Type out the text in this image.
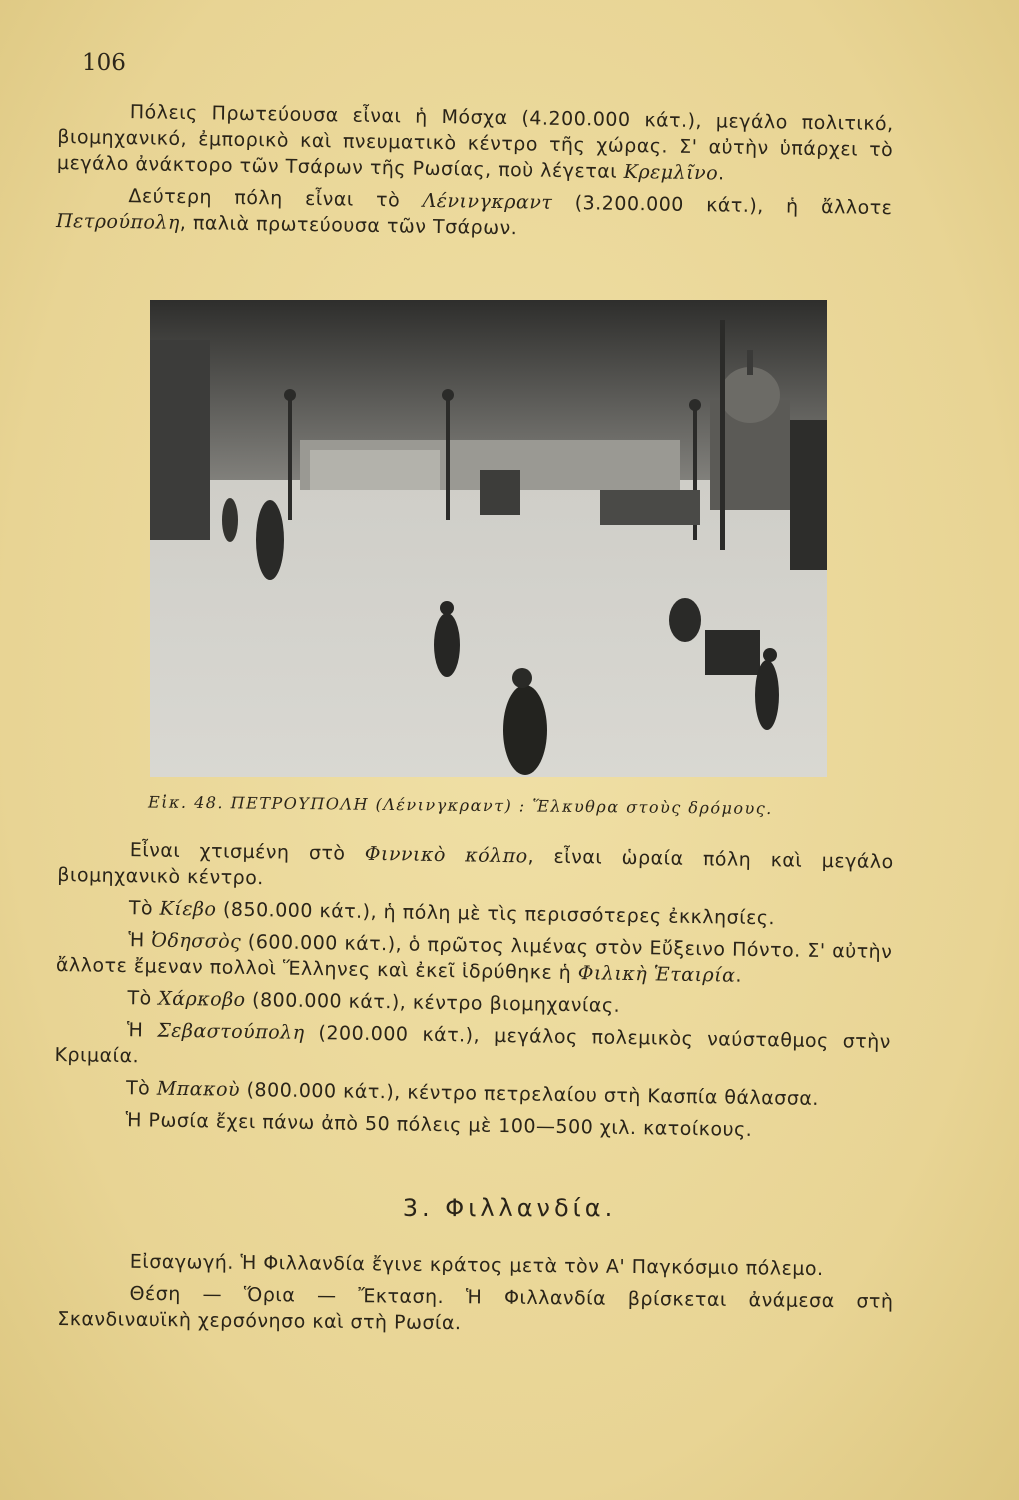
106

Πόλεις Πρωτεύουσα εἶναι ἡ Μόσχα (4.200.000 κάτ.), μεγάλο πολιτικό, βιομηχανικό, ἐμπορικὸ καὶ πνευματικὸ κέντρο τῆς χώρας. Σ' αὐτὴν ὑπάρχει τὸ μεγάλο ἀνάκτορο τῶν Τσάρων τῆς Ρωσίας, ποὺ λέγεται Κρεμλῖνο.

Δεύτερη πόλη εἶναι τὸ Λένινγκραντ (3.200.000 κάτ.), ἡ ἄλλοτε Πετρούπολη, παλιὰ πρωτεύουσα τῶν Τσάρων.

Εἰκ. 48. ΠΕΤΡΟΥΠΟΛΗ (Λένινγκραντ) : Ἕλκυθρα στοὺς δρόμους.

Εἶναι χτισμένη στὸ Φιννικὸ κόλπο, εἶναι ὡραία πόλη καὶ μεγάλο βιομηχανικὸ κέντρο.

Τὸ Κίεβο (850.000 κάτ.), ἡ πόλη μὲ τὶς περισσότερες ἐκκλησίες.

Ἡ Ὀδησσὸς (600.000 κάτ.), ὁ πρῶτος λιμένας στὸν Εὔξεινο Πόντο. Σ' αὐτὴν ἄλλοτε ἔμεναν πολλοὶ Ἕλληνες καὶ ἐκεῖ ἱδρύθηκε ἡ Φιλικὴ Ἑταιρία.

Τὸ Χάρκοβο (800.000 κάτ.), κέντρο βιομηχανίας.

Ἡ Σεβαστούπολη (200.000 κάτ.), μεγάλος πολεμικὸς ναύσταθμος στὴν Κριμαία.

Τὸ Μπακοὺ (800.000 κάτ.), κέντρο πετρελαίου στὴ Κασπία θάλασσα.

Ἡ Ρωσία ἔχει πάνω ἀπὸ 50 πόλεις μὲ 100—500 χιλ. κατοίκους.

3. Φιλλανδία.

Εἰσαγωγή. Ἡ Φιλλανδία ἔγινε κράτος μετὰ τὸν Α' Παγκόσμιο πόλεμο.

Θέση — Ὅρια — Ἔκταση. Ἡ Φιλλανδία βρίσκεται ἀνάμεσα στὴ Σκανδιναυϊκὴ χερσόνησο καὶ στὴ Ρωσία.
